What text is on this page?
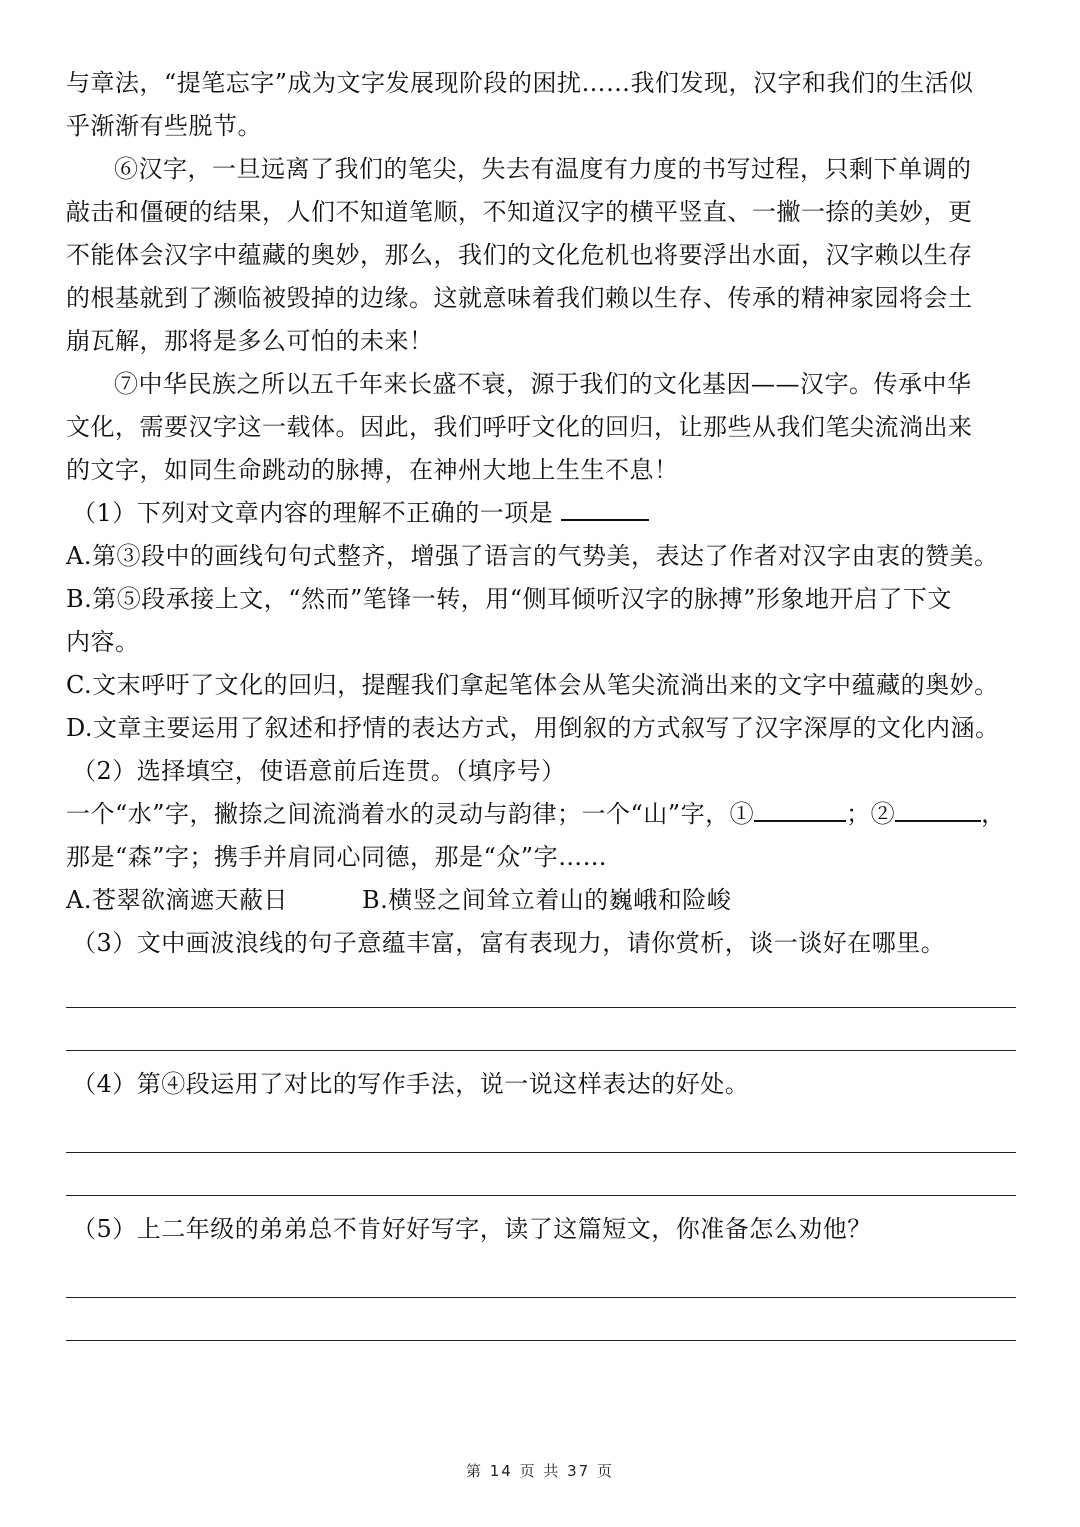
与章法，“提笔忘字”成为文字发展现阶段的困扰……我们发现，汉字和我们的生活似
乎渐渐有些脱节。
⑥汉字，一旦远离了我们的笔尖，失去有温度有力度的书写过程，只剩下单调的
敲击和僵硬的结果，人们不知道笔顺，不知道汉字的横平竖直、一撇一捺的美妙，更
不能体会汉字中蕴藏的奥妙，那么，我们的文化危机也将要浮出水面，汉字赖以生存
的根基就到了濒临被毁掉的边缘。这就意味着我们赖以生存、传承的精神家园将会土
崩瓦解，那将是多么可怕的未来！
⑦中华民族之所以五千年来长盛不衰，源于我们的文化基因——汉字。传承中华
文化，需要汉字这一载体。因此，我们呼吁文化的回归，让那些从我们笔尖流淌出来
的文字，如同生命跳动的脉搏，在神州大地上生生不息！
（1）下列对文章内容的理解不正确的一项是
A.第③段中的画线句句式整齐，增强了语言的气势美，表达了作者对汉字由衷的赞美。
B.第⑤段承接上文，“然而”笔锋一转，用“侧耳倾听汉字的脉搏”形象地开启了下文
内容。
C.文末呼吁了文化的回归，提醒我们拿起笔体会从笔尖流淌出来的文字中蕴藏的奥妙。
D.文章主要运用了叙述和抒情的表达方式，用倒叙的方式叙写了汉字深厚的文化内涵。
（2）选择填空，使语意前后连贯。（填序号）
一个“水”字，撇捺之间流淌着水的灵动与韵律；一个“山”字，①	；②	，
那是“森”字；携手并肩同心同德，那是“众”字……
A.苍翠欲滴遮天蔽日	B.横竖之间耸立着山的巍峨和险峻
（3）文中画波浪线的句子意蕴丰富，富有表现力，请你赏析，谈一谈好在哪里。
（4）第④段运用了对比的写作手法，说一说这样表达的好处。
（5）上二年级的弟弟总不肯好好写字，读了这篇短文，你准备怎么劝他？
第 14 页 共 37 页
